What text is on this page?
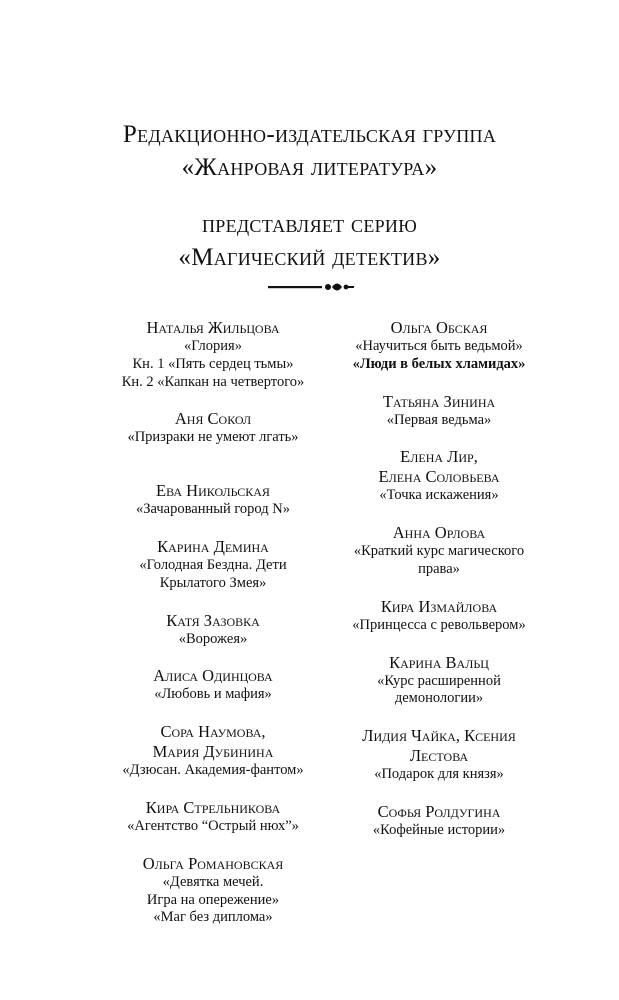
Редакционно-издательская группа
«Жанровая литература»
представляет серию
«Магический детектив»
Наталья Жильцова
«Глория»
Кн. 1 «Пять сердец тьмы»
Кн. 2 «Капкан на четвертого»
Аня Сокол
«Призраки не умеют лгать»
Ева Никольская
«Зачарованный город N»
Карина Демина
«Голодная Бездна. Дети
Крылатого Змея»
Катя Зазовка
«Ворожея»
Алиса Одинцова
«Любовь и мафия»
Сора Наумова,
Мария Дубинина
«Дзюсан. Академия-фантом»
Кира Стрельникова
«Агентство “Острый нюх”»
Ольга Романовская
«Девятка мечей.
Игра на опережение»
«Маг без диплома»
Ольга Обская
«Научиться быть ведьмой»
«Люди в белых хламидах»
Татьяна Зинина
«Первая ведьма»
Елена Лир,
Елена Соловьева
«Точка искажения»
Анна Орлова
«Краткий курс магического
права»
Кира Измайлова
«Принцесса с револьвером»
Карина Вальц
«Курс расширенной
демонологии»
Лидия Чайка, Ксения
Лестова
«Подарок для князя»
Софья Ролдугина
«Кофейные истории»
